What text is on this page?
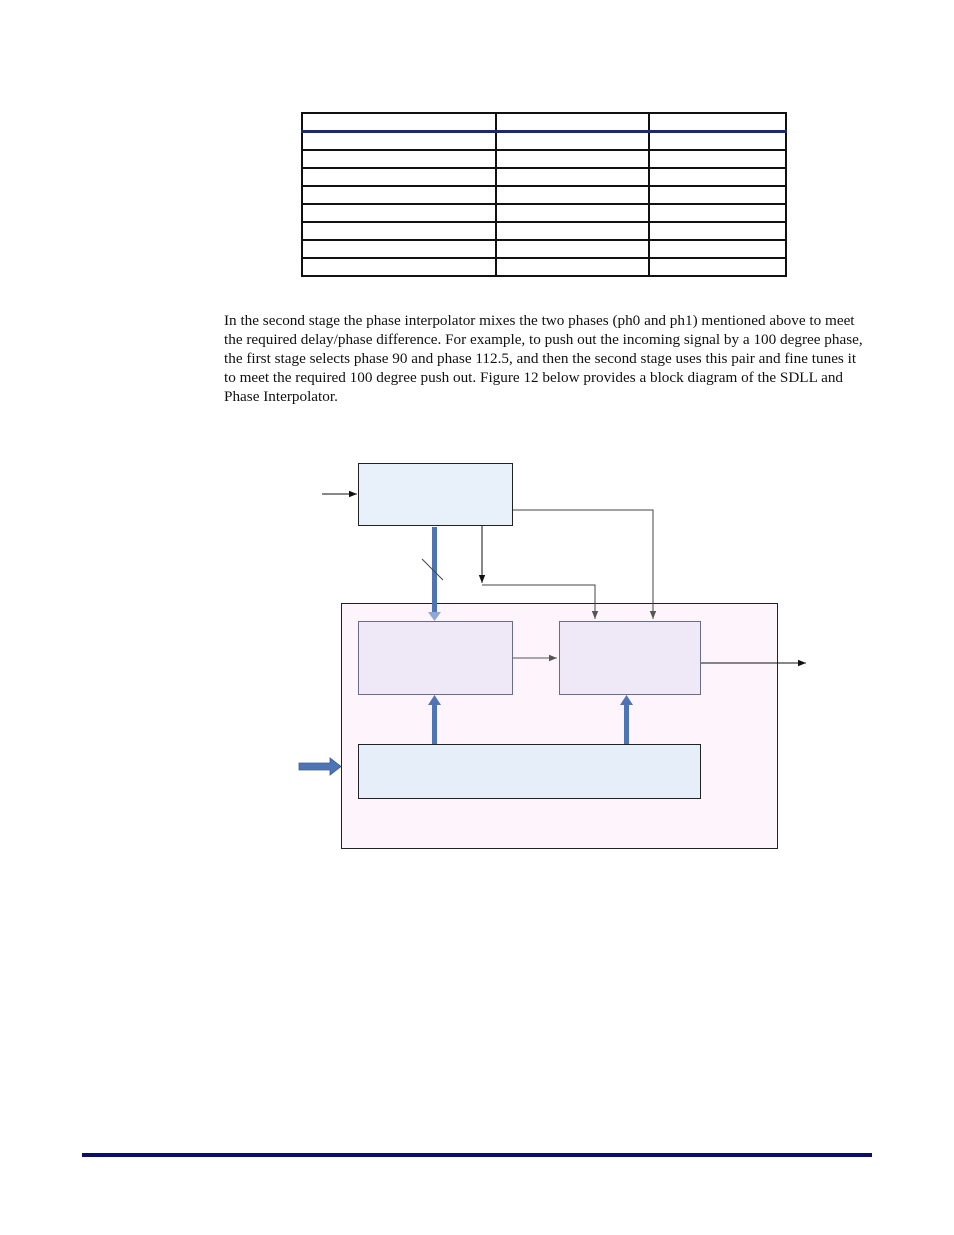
In the second stage the phase interpolator mixes the two phases (ph0 and ph1) mentioned above to meet the required delay/phase difference. For example, to push out the incoming signal by a 100 degree phase, the first stage selects phase 90 and phase 112.5, and then the second stage uses this pair and fine tunes it to meet the required 100 degree push out. Figure 12 below provides a block diagram of the SDLL and Phase Interpolator.
